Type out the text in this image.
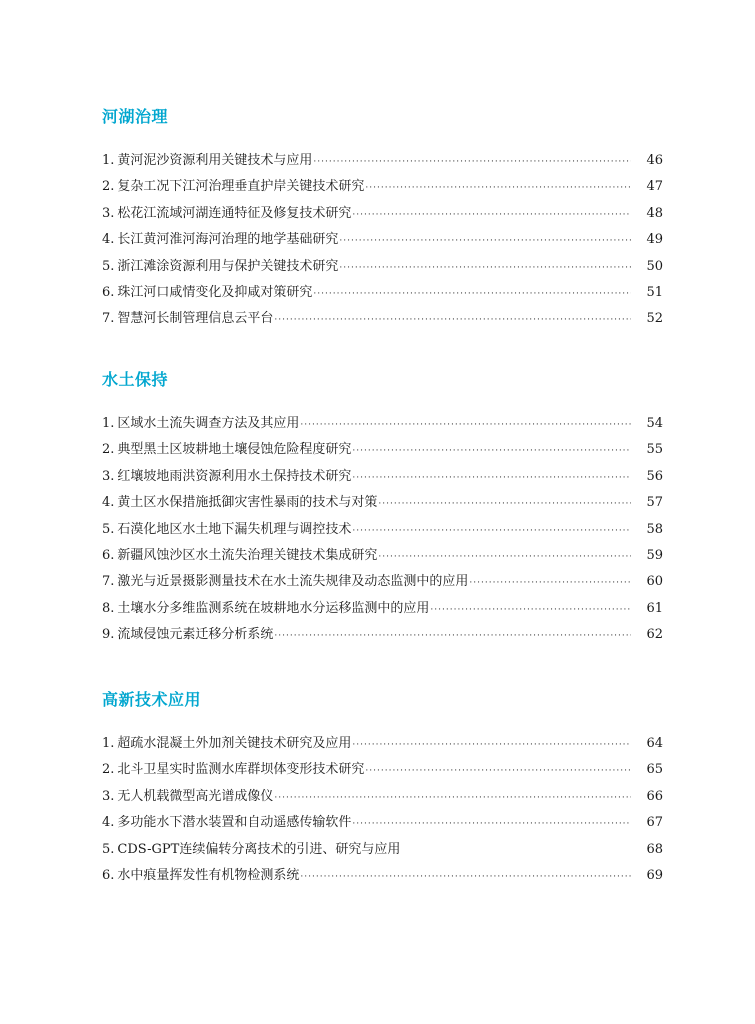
河湖治理
1. 黄河泥沙资源利用关键技术与应用 ·····	46
2. 复杂工况下江河治理垂直护岸关键技术研究 ·····	47
3. 松花江流域河湖连通特征及修复技术研究 ·····	48
4. 长江黄河淮河海河治理的地学基础研究 ·····	49
5. 浙江滩涂资源利用与保护关键技术研究 ·····	50
6. 珠江河口咸情变化及抑咸对策研究 ·····	51
7. 智慧河长制管理信息云平台 ·····	52
水土保持
1. 区域水土流失调查方法及其应用 ·····	54
2. 典型黑土区坡耕地土壤侵蚀危险程度研究 ·····	55
3. 红壤坡地雨洪资源利用水土保持技术研究 ·····	56
4. 黄土区水保措施抵御灾害性暴雨的技术与对策 ·····	57
5. 石漠化地区水土地下漏失机理与调控技术 ·····	58
6. 新疆风蚀沙区水土流失治理关键技术集成研究 ·····	59
7. 激光与近景摄影测量技术在水土流失规律及动态监测中的应用 ·····	60
8. 土壤水分多维监测系统在坡耕地水分运移监测中的应用 ·····	61
9. 流域侵蚀元素迁移分析系统 ·····	62
高新技术应用
1. 超疏水混凝土外加剂关键技术研究及应用 ·····	64
2. 北斗卫星实时监测水库群坝体变形技术研究 ·····	65
3. 无人机载微型高光谱成像仪 ·····	66
4. 多功能水下潜水装置和自动遥感传输软件 ·····	67
5. CDS-GPT连续偏转分离技术的引进、研究与应用	68
6. 水中痕量挥发性有机物检测系统 ·····	69
